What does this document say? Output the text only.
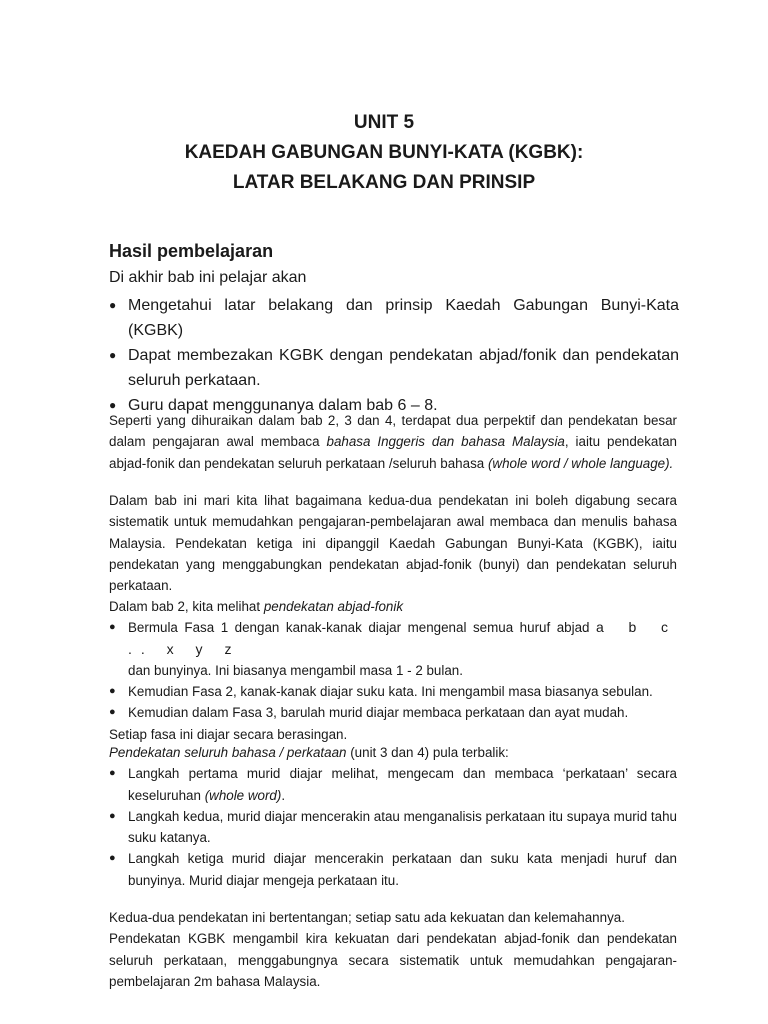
UNIT 5
KAEDAH GABUNGAN BUNYI-KATA (KGBK):
LATAR BELAKANG DAN PRINSIP
Hasil pembelajaran
Di akhir bab ini pelajar akan
● Mengetahui latar belakang dan prinsip Kaedah Gabungan Bunyi-Kata (KGBK)
● Dapat membezakan KGBK dengan pendekatan abjad/fonik dan pendekatan seluruh perkataan.
● Guru dapat menggunanya dalam bab 6 – 8.
Seperti yang dihuraikan dalam bab 2, 3 dan 4, terdapat dua perpektif dan pendekatan besar dalam pengajaran awal membaca bahasa Inggeris dan bahasa Malaysia, iaitu pendekatan abjad-fonik dan pendekatan seluruh perkataan /seluruh bahasa (whole word / whole language).
Dalam bab ini mari kita lihat bagaimana kedua-dua pendekatan ini boleh digabung secara sistematik untuk memudahkan pengajaran-pembelajaran awal membaca dan menulis bahasa Malaysia. Pendekatan ketiga ini dipanggil Kaedah Gabungan Bunyi-Kata (KGBK), iaitu pendekatan yang menggabungkan pendekatan abjad-fonik (bunyi) dan pendekatan seluruh perkataan.
Dalam bab 2, kita melihat pendekatan abjad-fonik
● Bermula Fasa 1 dengan kanak-kanak diajar mengenal semua huruf abjad a b c .. x y z
dan bunyinya. Ini biasanya mengambil masa 1 - 2 bulan.
● Kemudian Fasa 2, kanak-kanak diajar suku kata. Ini mengambil masa biasanya sebulan.
● Kemudian dalam Fasa 3, barulah murid diajar membaca perkataan dan ayat mudah.
Setiap fasa ini diajar secara berasingan.
Pendekatan seluruh bahasa / perkataan (unit 3 dan 4) pula terbalik:
● Langkah pertama murid diajar melihat, mengecam dan membaca ‘perkataan’ secara keseluruhan (whole word).
● Langkah kedua, murid diajar mencerakin atau menganalisis perkataan itu supaya murid tahu suku katanya.
● Langkah ketiga murid diajar mencerakin perkataan dan suku kata menjadi huruf dan bunyinya. Murid diajar mengeja perkataan itu.
Kedua-dua pendekatan ini bertentangan; setiap satu ada kekuatan dan kelemahannya.
Pendekatan KGBK mengambil kira kekuatan dari pendekatan abjad-fonik dan pendekatan seluruh perkataan, menggabungnya secara sistematik untuk memudahkan pengajaran-pembelajaran 2m bahasa Malaysia.
